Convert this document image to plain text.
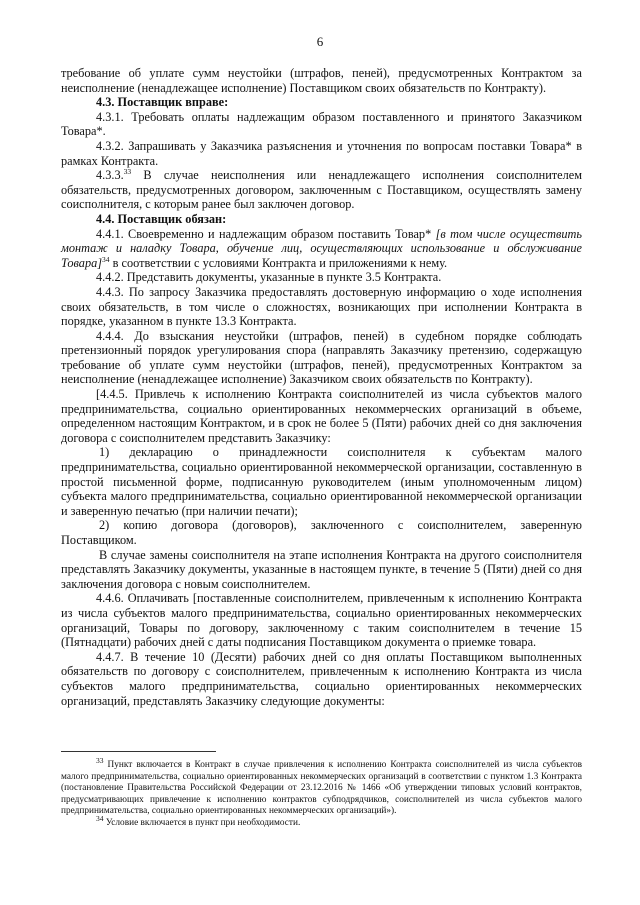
6

требование об уплате сумм неустойки (штрафов, пеней), предусмотренных Контрактом за неисполнение (ненадлежащее исполнение) Поставщиком своих обязательств по Контракту).

4.3. Поставщик вправе:

4.3.1. Требовать оплаты надлежащим образом поставленного и принятого Заказчиком Товара*.

4.3.2. Запрашивать у Заказчика разъяснения и уточнения по вопросам поставки Товара* в рамках Контракта.

4.3.3.33 В случае неисполнения или ненадлежащего исполнения соисполнителем обязательств, предусмотренных договором, заключенным с Поставщиком, осуществлять замену соисполнителя, с которым ранее был заключен договор.

4.4. Поставщик обязан:

4.4.1. Своевременно и надлежащим образом поставить Товар* [в том числе осуществить монтаж и наладку Товара, обучение лиц, осуществляющих использование и обслуживание Товара]$^{34}$ в соответствии с условиями Контракта и приложениями к нему.

4.4.2. Представить документы, указанные в пункте 3.5 Контракта.

4.4.3. По запросу Заказчика предоставлять достоверную информацию о ходе исполнения своих обязательств, в том числе о сложностях, возникающих при исполнении Контракта в порядке, указанном в пункте 13.3 Контракта.

4.4.4. До взыскания неустойки (штрафов, пеней) в судебном порядке соблюдать претензионный порядок урегулирования спора (направлять Заказчику претензию, содержащую требование об уплате сумм неустойки (штрафов, пеней), предусмотренных Контрактом за неисполнение (ненадлежащее исполнение) Заказчиком своих обязательств по Контракту).

[4.4.5. Привлечь к исполнению Контракта соисполнителей из числа субъектов малого предпринимательства, социально ориентированных некоммерческих организаций в объеме, определенном настоящим Контрактом, и в срок не более 5 (Пяти) рабочих дней со дня заключения договора с соисполнителем представить Заказчику:

1) декларацию о принадлежности соисполнителя к субъектам малого предпринимательства, социально ориентированной некоммерческой организации, составленную в простой письменной форме, подписанную руководителем (иным уполномоченным лицом) субъекта малого предпринимательства, социально ориентированной некоммерческой организации и заверенную печатью (при наличии печати);

2) копию договора (договоров), заключенного с соисполнителем, заверенную Поставщиком.

В случае замены соисполнителя на этапе исполнения Контракта на другого соисполнителя представлять Заказчику документы, указанные в настоящем пункте, в течение 5 (Пяти) дней со дня заключения договора с новым соисполнителем.

4.4.6. Оплачивать [поставленные соисполнителем, привлеченным к исполнению Контракта из числа субъектов малого предпринимательства, социально ориентированных некоммерческих организаций, Товары по договору, заключенному с таким соисполнителем в течение 15 (Пятнадцати) рабочих дней с даты подписания Поставщиком документа о приемке товара.

4.4.7. В течение 10 (Десяти) рабочих дней со дня оплаты Поставщиком выполненных обязательств по договору с соисполнителем, привлеченным к исполнению Контракта из числа субъектов малого предпринимательства, социально ориентированных некоммерческих организаций, представлять Заказчику следующие документы:

$^{33}$ Пункт включается в Контракт в случае привлечения к исполнению Контракта соисполнителей из числа субъектов малого предпринимательства, социально ориентированных некоммерческих организаций в соответствии с пунктом 1.3 Контракта (постановление Правительства Российской Федерации от 23.12.2016 № 1466 «Об утверждении типовых условий контрактов, предусматривающих привлечение к исполнению контрактов субподрядчиков, соисполнителей из числа субъектов малого предпринимательства, социально ориентированных некоммерческих организаций»).

$^{34}$ Условие включается в пункт при необходимости.
